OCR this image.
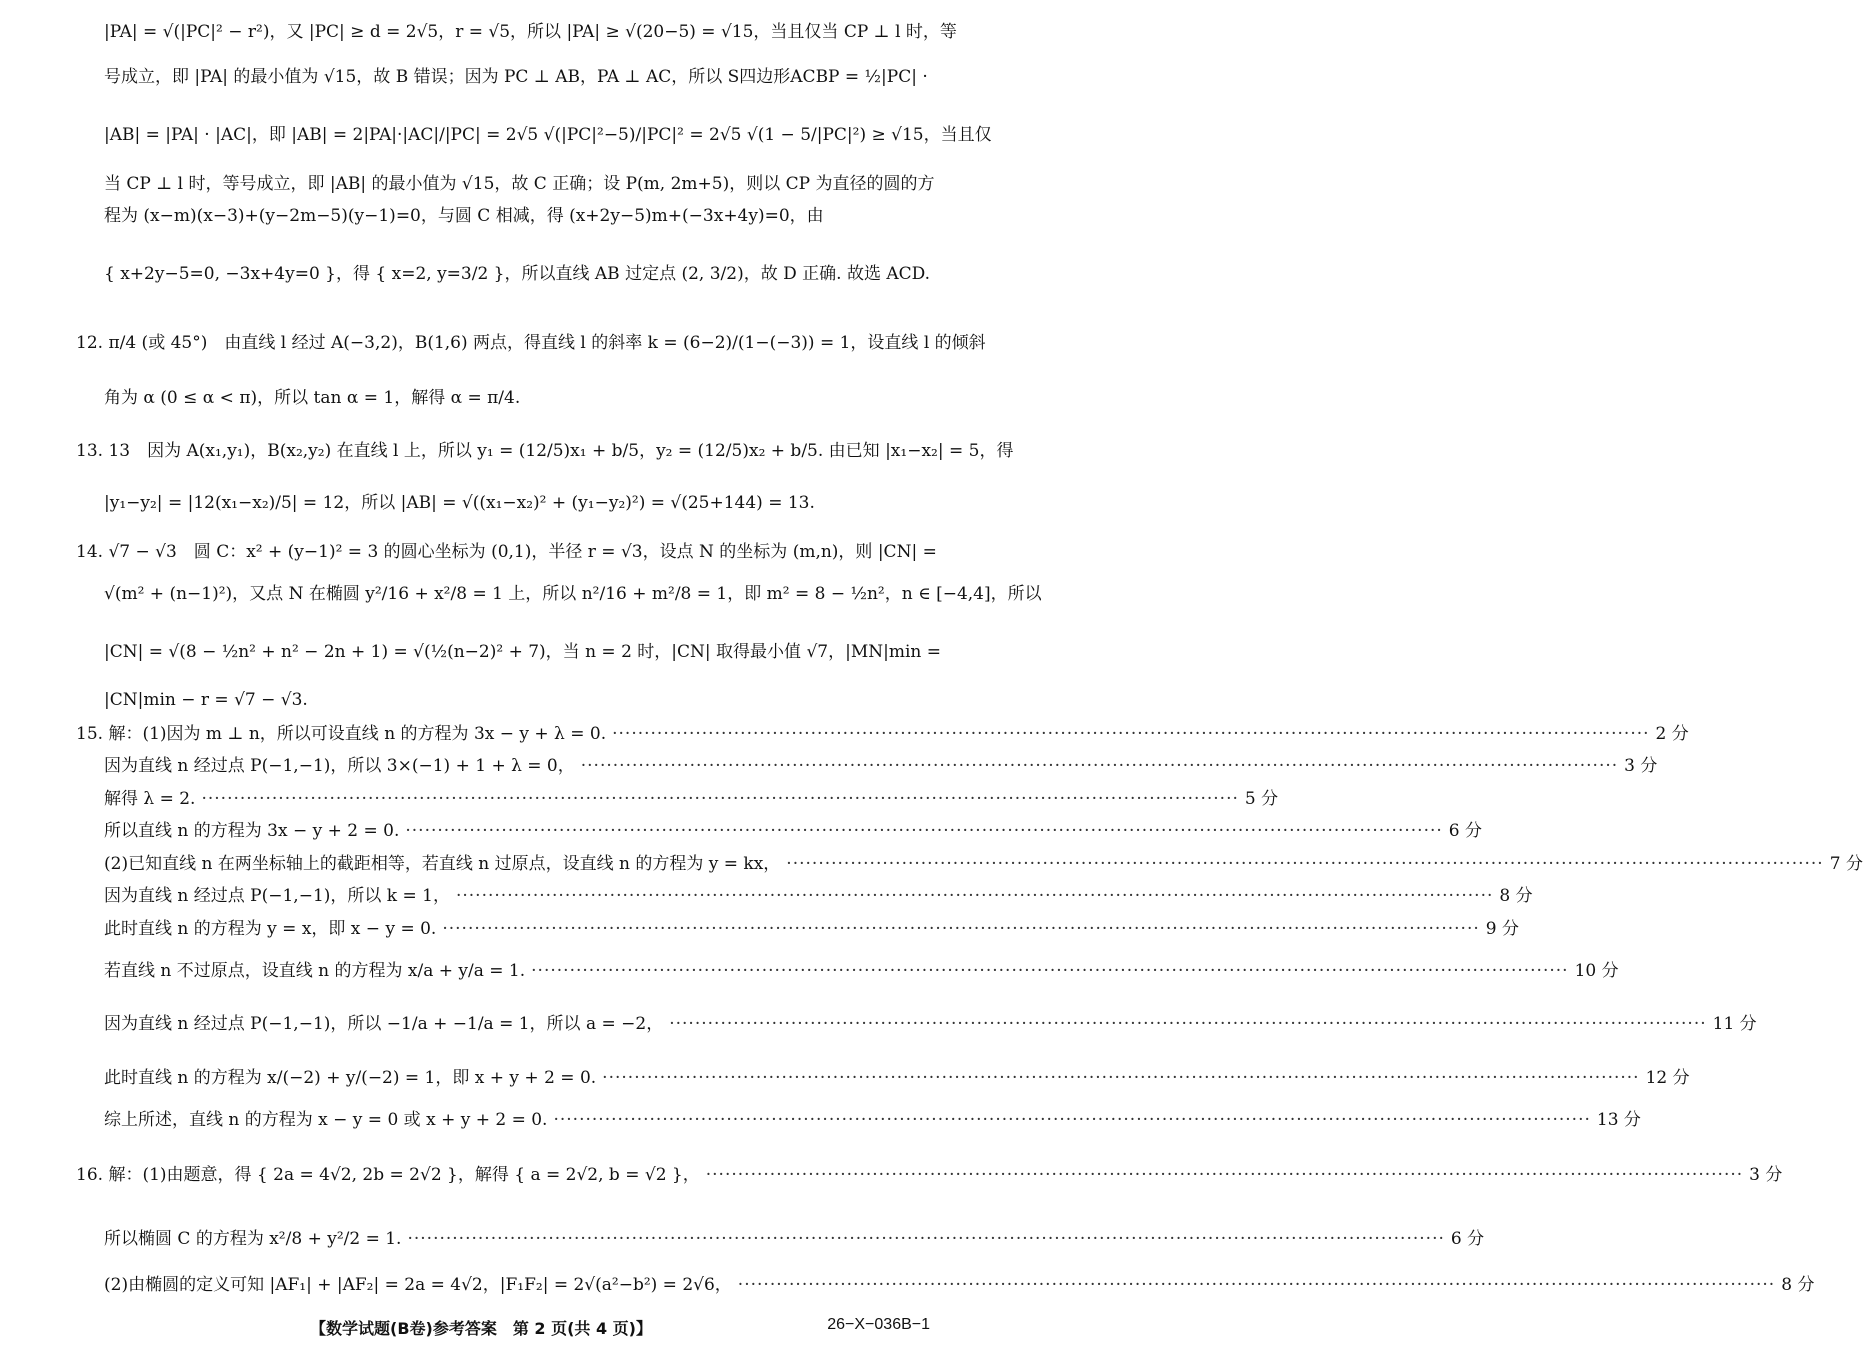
|PA| = √(|PC|² − r²)，又 |PC| ≥ d = 2√5，r = √5，所以 |PA| ≥ √(20−5) = √15，当且仅当 CP ⊥ l 时，等
号成立，即 |PA| 的最小值为 √15，故 B 错误；因为 PC ⊥ AB，PA ⊥ AC，所以 S四边形ACBP = ½|PC| ·
|AB| = |PA| · |AC|，即 |AB| = 2|PA|·|AC|/|PC| = 2√5 √(|PC|²−5)/|PC|² = 2√5 √(1 − 5/|PC|²) ≥ √15，当且仅
当 CP ⊥ l 时，等号成立，即 |AB| 的最小值为 √15，故 C 正确；设 P(m, 2m+5)，则以 CP 为直径的圆的方
程为 (x−m)(x−3)+(y−2m−5)(y−1)=0，与圆 C 相减，得 (x+2y−5)m+(−3x+4y)=0，由
{ x+2y−5=0, −3x+4y=0 }，得 { x=2, y=3/2 }，所以直线 AB 过定点 (2, 3/2)，故 D 正确. 故选 ACD.
12. π/4 (或 45°)　由直线 l 经过 A(−3,2)，B(1,6) 两点，得直线 l 的斜率 k = (6−2)/(1−(−3)) = 1，设直线 l 的倾斜
角为 α (0 ≤ α < π)，所以 tan α = 1，解得 α = π/4.
13. 13　因为 A(x₁,y₁)，B(x₂,y₂) 在直线 l 上，所以 y₁ = (12/5)x₁ + b/5，y₂ = (12/5)x₂ + b/5. 由已知 |x₁−x₂| = 5，得
|y₁−y₂| = |12(x₁−x₂)/5| = 12，所以 |AB| = √((x₁−x₂)² + (y₁−y₂)²) = √(25+144) = 13.
14. √7 − √3　圆 C：x² + (y−1)² = 3 的圆心坐标为 (0,1)，半径 r = √3，设点 N 的坐标为 (m,n)，则 |CN| =
√(m² + (n−1)²)，又点 N 在椭圆 y²/16 + x²/8 = 1 上，所以 n²/16 + m²/8 = 1，即 m² = 8 − ½n²，n ∈ [−4,4]，所以
|CN| = √(8 − ½n² + n² − 2n + 1) = √(½(n−2)² + 7)，当 n = 2 时，|CN| 取得最小值 √7，|MN|min =
|CN|min − r = √7 − √3.
15. 解：(1)因为 m ⊥ n，所以可设直线 n 的方程为 3x − y + λ = 0. ·····	2 分
因为直线 n 经过点 P(−1,−1)，所以 3×(−1) + 1 + λ = 0， ·····	3 分
解得 λ = 2. ·····	5 分
所以直线 n 的方程为 3x − y + 2 = 0. ·····	6 分
(2)已知直线 n 在两坐标轴上的截距相等，若直线 n 过原点，设直线 n 的方程为 y = kx， ·····	7 分
因为直线 n 经过点 P(−1,−1)，所以 k = 1， ·····	8 分
此时直线 n 的方程为 y = x，即 x − y = 0. ·····	9 分
若直线 n 不过原点，设直线 n 的方程为 x/a + y/a = 1. ·····	10 分
因为直线 n 经过点 P(−1,−1)，所以 −1/a + −1/a = 1，所以 a = −2， ·····	11 分
此时直线 n 的方程为 x/(−2) + y/(−2) = 1，即 x + y + 2 = 0. ·····	12 分
综上所述，直线 n 的方程为 x − y = 0 或 x + y + 2 = 0. ·····	13 分
16. 解：(1)由题意，得 { 2a = 4√2, 2b = 2√2 }，解得 { a = 2√2, b = √2 }， ·····	3 分
所以椭圆 C 的方程为 x²/8 + y²/2 = 1. ·····	6 分
(2)由椭圆的定义可知 |AF₁| + |AF₂| = 2a = 4√2，|F₁F₂| = 2√(a²−b²) = 2√6， ·····	8 分
【数学试题(B卷)参考答案　第 2 页(共 4 页)】	26−X−036B−1
